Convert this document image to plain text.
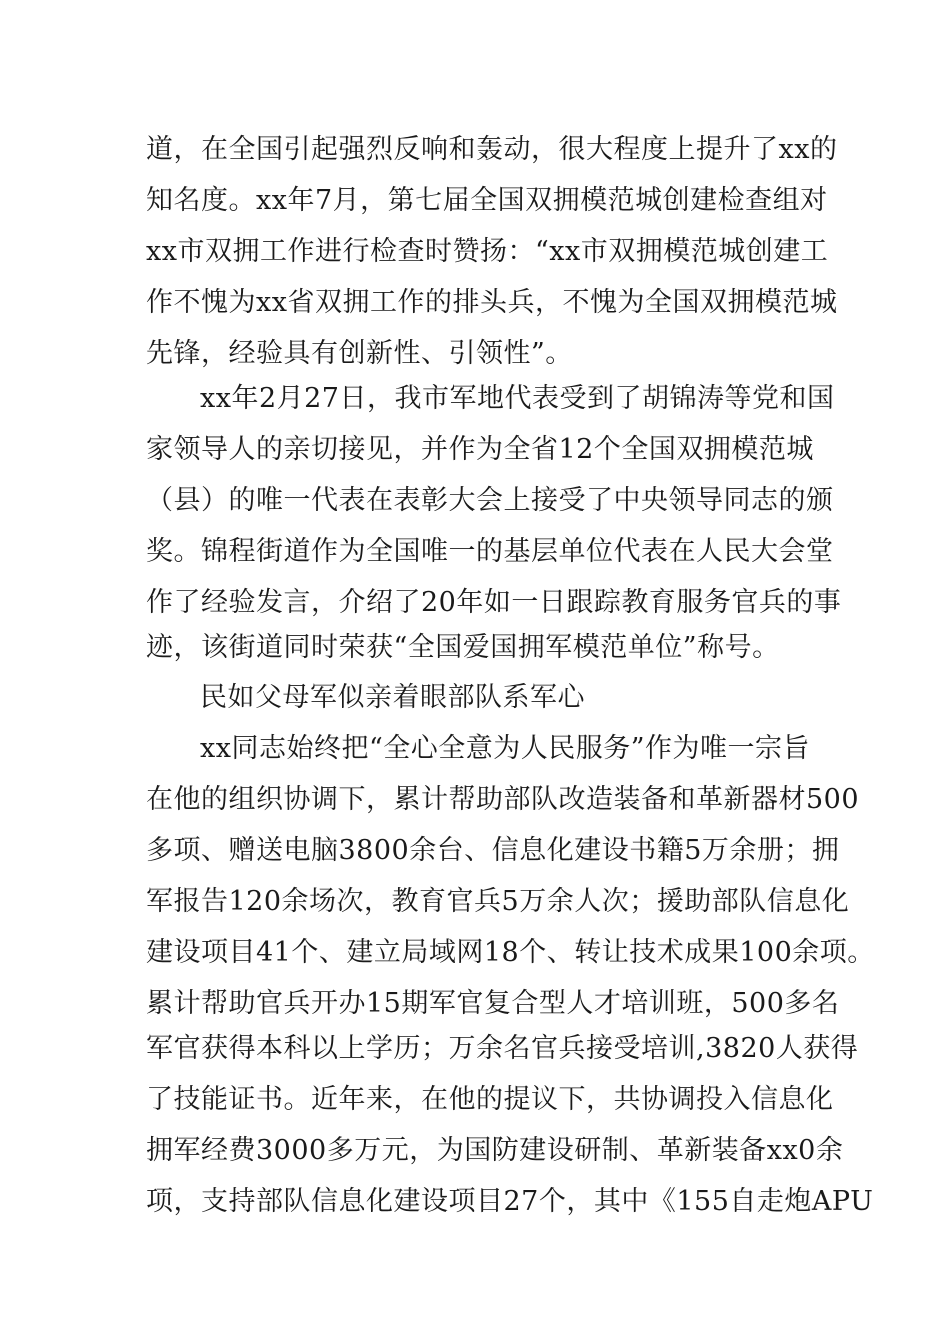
道，在全国引起强烈反响和轰动，很大程度上提升了xx的
知名度。xx年7月，第七届全国双拥模范城创建检查组对
xx市双拥工作进行检查时赞扬：“xx市双拥模范城创建工
作不愧为xx省双拥工作的排头兵，不愧为全国双拥模范城
先锋，经验具有创新性、引领性”。
xx年2月27日，我市军地代表受到了胡锦涛等党和国
家领导人的亲切接见，并作为全省12个全国双拥模范城
（县）的唯一代表在表彰大会上接受了中央领导同志的颁
奖。锦程街道作为全国唯一的基层单位代表在人民大会堂
作了经验发言，介绍了20年如一日跟踪教育服务官兵的事
迹，该街道同时荣获“全国爱国拥军模范单位”称号。
民如父母军似亲着眼部队系军心
xx同志始终把“全心全意为人民服务”作为唯一宗旨
在他的组织协调下，累计帮助部队改造装备和革新器材500
多项、赠送电脑3800余台、信息化建设书籍5万余册；拥
军报告120余场次，教育官兵5万余人次；援助部队信息化
建设项目41个、建立局域网18个、转让技术成果100余项。
累计帮助官兵开办15期军官复合型人才培训班，500多名
军官获得本科以上学历；万余名官兵接受培训,3820人获得
了技能证书。近年来，在他的提议下，共协调投入信息化
拥军经费3000多万元，为国防建设研制、革新装备xx0余
项，支持部队信息化建设项目27个，其中《155自走炮APU
